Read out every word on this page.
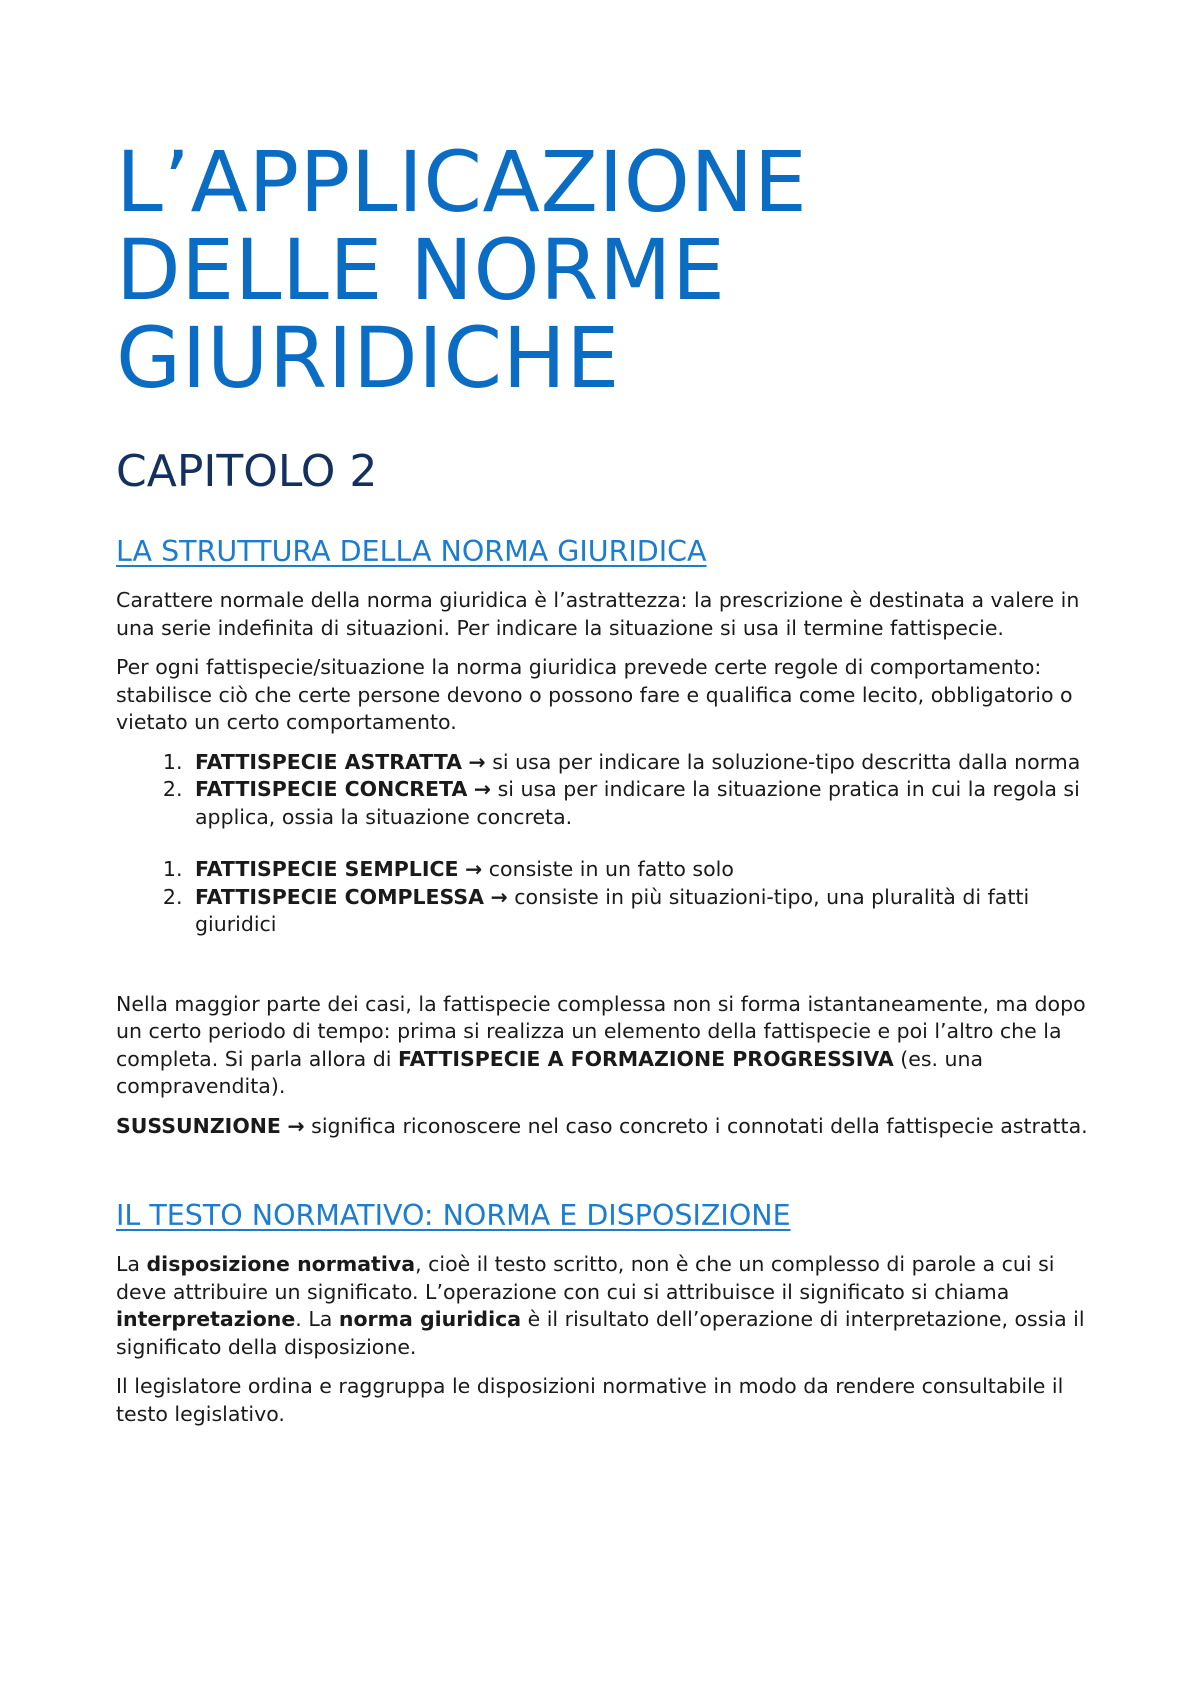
L’APPLICAZIONE
DELLE NORME
GIURIDICHE
CAPITOLO 2
LA STRUTTURA DELLA NORMA GIURIDICA

Carattere normale della norma giuridica è l’astrattezza: la prescrizione è destinata a valere in una serie indefinita di situazioni. Per indicare la situazione si usa il termine fattispecie.

Per ogni fattispecie/situazione la norma giuridica prevede certe regole di comportamento: stabilisce ciò che certe persone devono o possono fare e qualifica come lecito, obbligatorio o vietato un certo comportamento.

1. FATTISPECIE ASTRATTA → si usa per indicare la soluzione-tipo descritta dalla norma
2. FATTISPECIE CONCRETA → si usa per indicare la situazione pratica in cui la regola si applica, ossia la situazione concreta.
1. FATTISPECIE SEMPLICE → consiste in un fatto solo
2. FATTISPECIE COMPLESSA → consiste in più situazioni-tipo, una pluralità di fatti giuridici

Nella maggior parte dei casi, la fattispecie complessa non si forma istantaneamente, ma dopo un certo periodo di tempo: prima si realizza un elemento della fattispecie e poi l’altro che la completa. Si parla allora di FATTISPECIE A FORMAZIONE PROGRESSIVA (es. una compravendita).

SUSSUNZIONE → significa riconoscere nel caso concreto i connotati della fattispecie astratta.

IL TESTO NORMATIVO: NORMA E DISPOSIZIONE

La disposizione normativa, cioè il testo scritto, non è che un complesso di parole a cui si deve attribuire un significato. L’operazione con cui si attribuisce il significato si chiama interpretazione. La norma giuridica è il risultato dell’operazione di interpretazione, ossia il significato della disposizione.

Il legislatore ordina e raggruppa le disposizioni normative in modo da rendere consultabile il testo legislativo.
